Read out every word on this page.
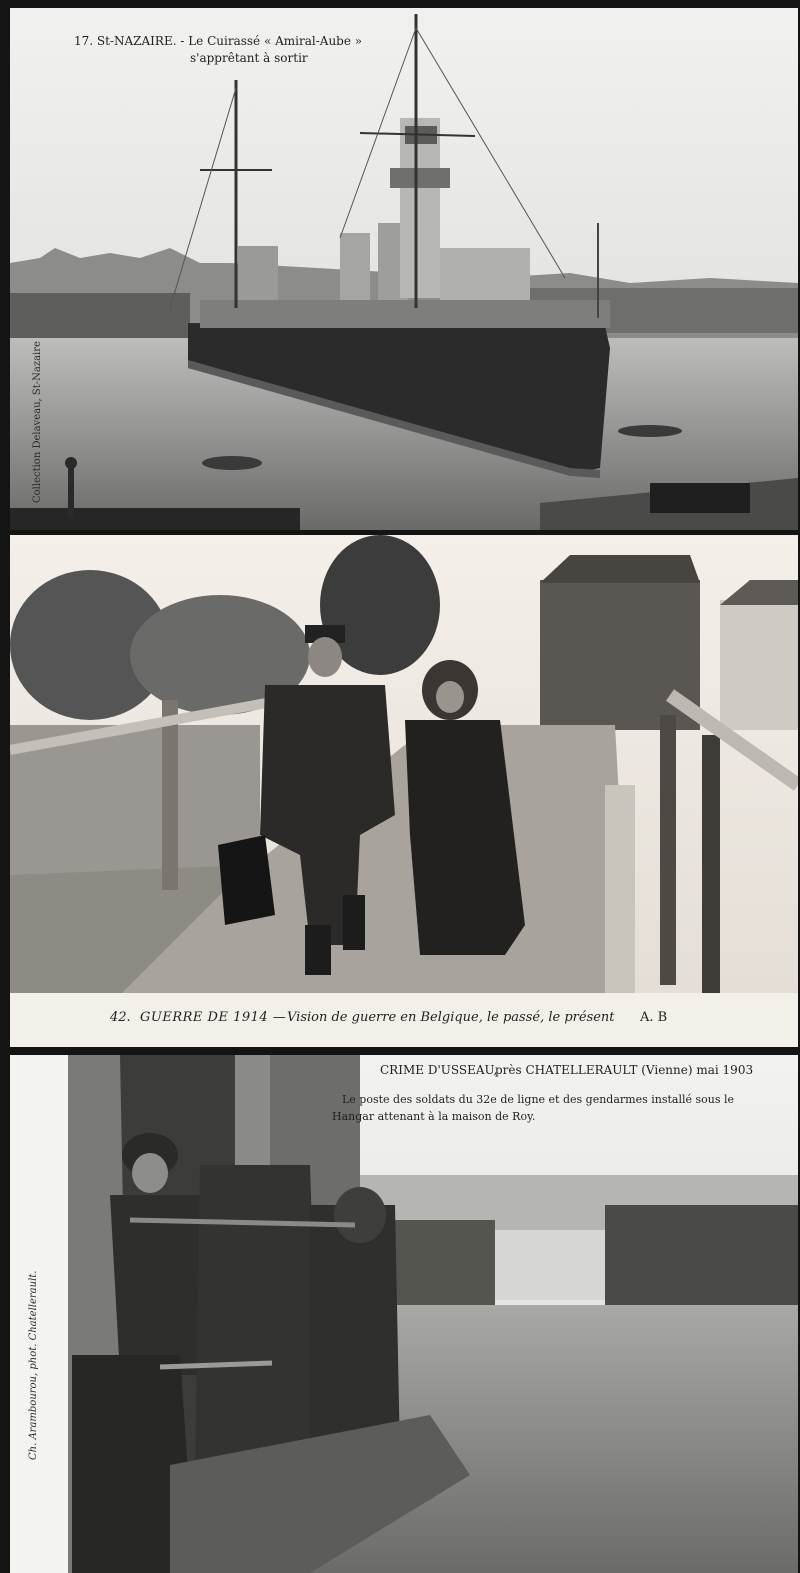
17. St-NAZAIRE. - Le Cuirassé « Amiral-Aube »
s'apprêtant à sortir
Collection Delaveau, St-Nazaire
42. GUERRE DE 1914 — Vision de guerre en Belgique, le passé, le présent A. B
CRIME D'USSEAU,
près CHATELLERAULT (Vienne) mai 1903
Le poste des soldats du 32e de ligne et des gendarmes installé sous le
Hangar attenant à la maison de Roy.
Ch. Arambourou, phot. Chatellerault.
